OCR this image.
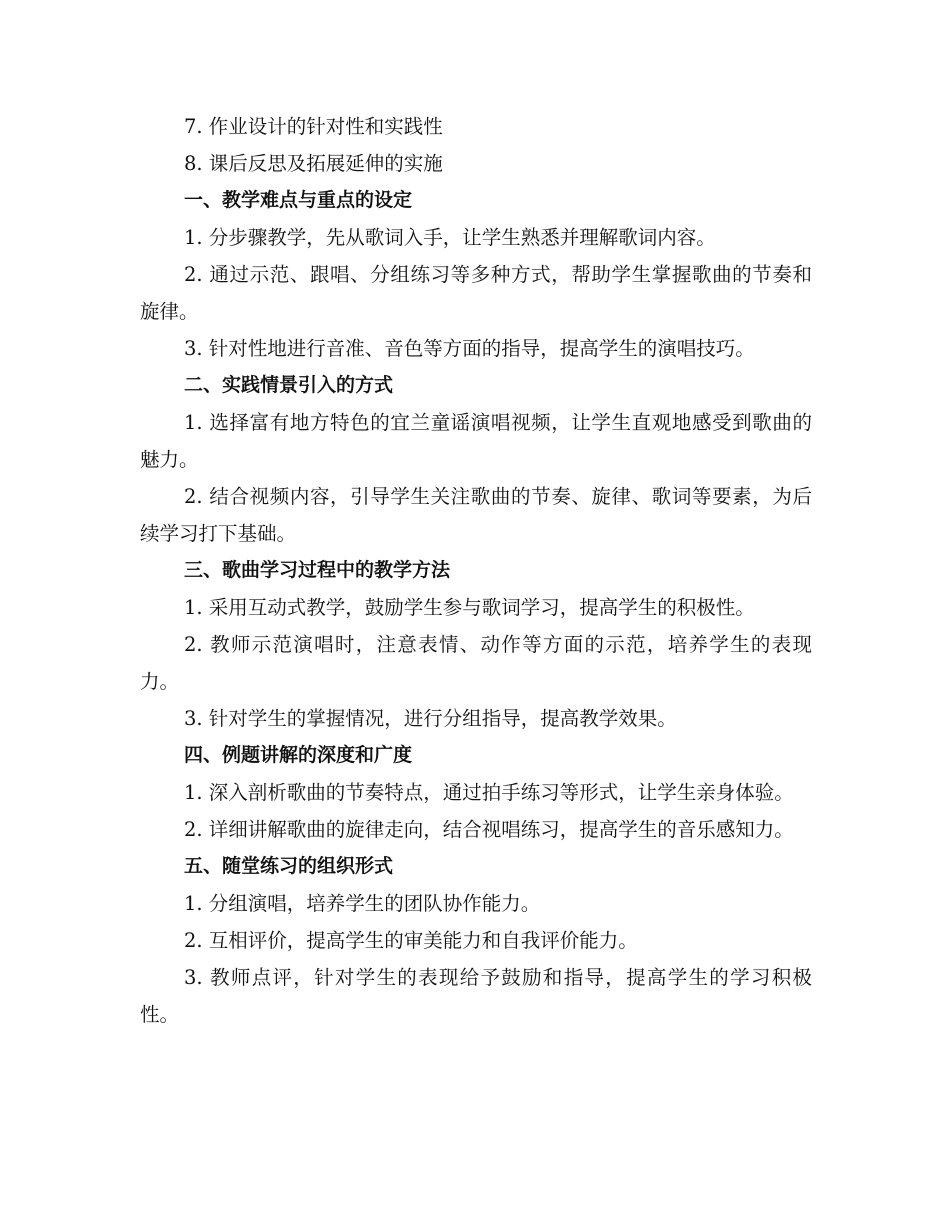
7. 作业设计的针对性和实践性

8. 课后反思及拓展延伸的实施

一、教学难点与重点的设定

1. 分步骤教学，先从歌词入手，让学生熟悉并理解歌词内容。

2. 通过示范、跟唱、分组练习等多种方式，帮助学生掌握歌曲的节奏和旋律。

3. 针对性地进行音准、音色等方面的指导，提高学生的演唱技巧。

二、实践情景引入的方式

1. 选择富有地方特色的宜兰童谣演唱视频，让学生直观地感受到歌曲的魅力。

2. 结合视频内容，引导学生关注歌曲的节奏、旋律、歌词等要素，为后续学习打下基础。

三、歌曲学习过程中的教学方法

1. 采用互动式教学，鼓励学生参与歌词学习，提高学生的积极性。

2. 教师示范演唱时，注意表情、动作等方面的示范，培养学生的表现力。

3. 针对学生的掌握情况，进行分组指导，提高教学效果。

四、例题讲解的深度和广度

1. 深入剖析歌曲的节奏特点，通过拍手练习等形式，让学生亲身体验。

2. 详细讲解歌曲的旋律走向，结合视唱练习，提高学生的音乐感知力。

五、随堂练习的组织形式

1. 分组演唱，培养学生的团队协作能力。

2. 互相评价，提高学生的审美能力和自我评价能力。

3. 教师点评，针对学生的表现给予鼓励和指导，提高学生的学习积极性。
